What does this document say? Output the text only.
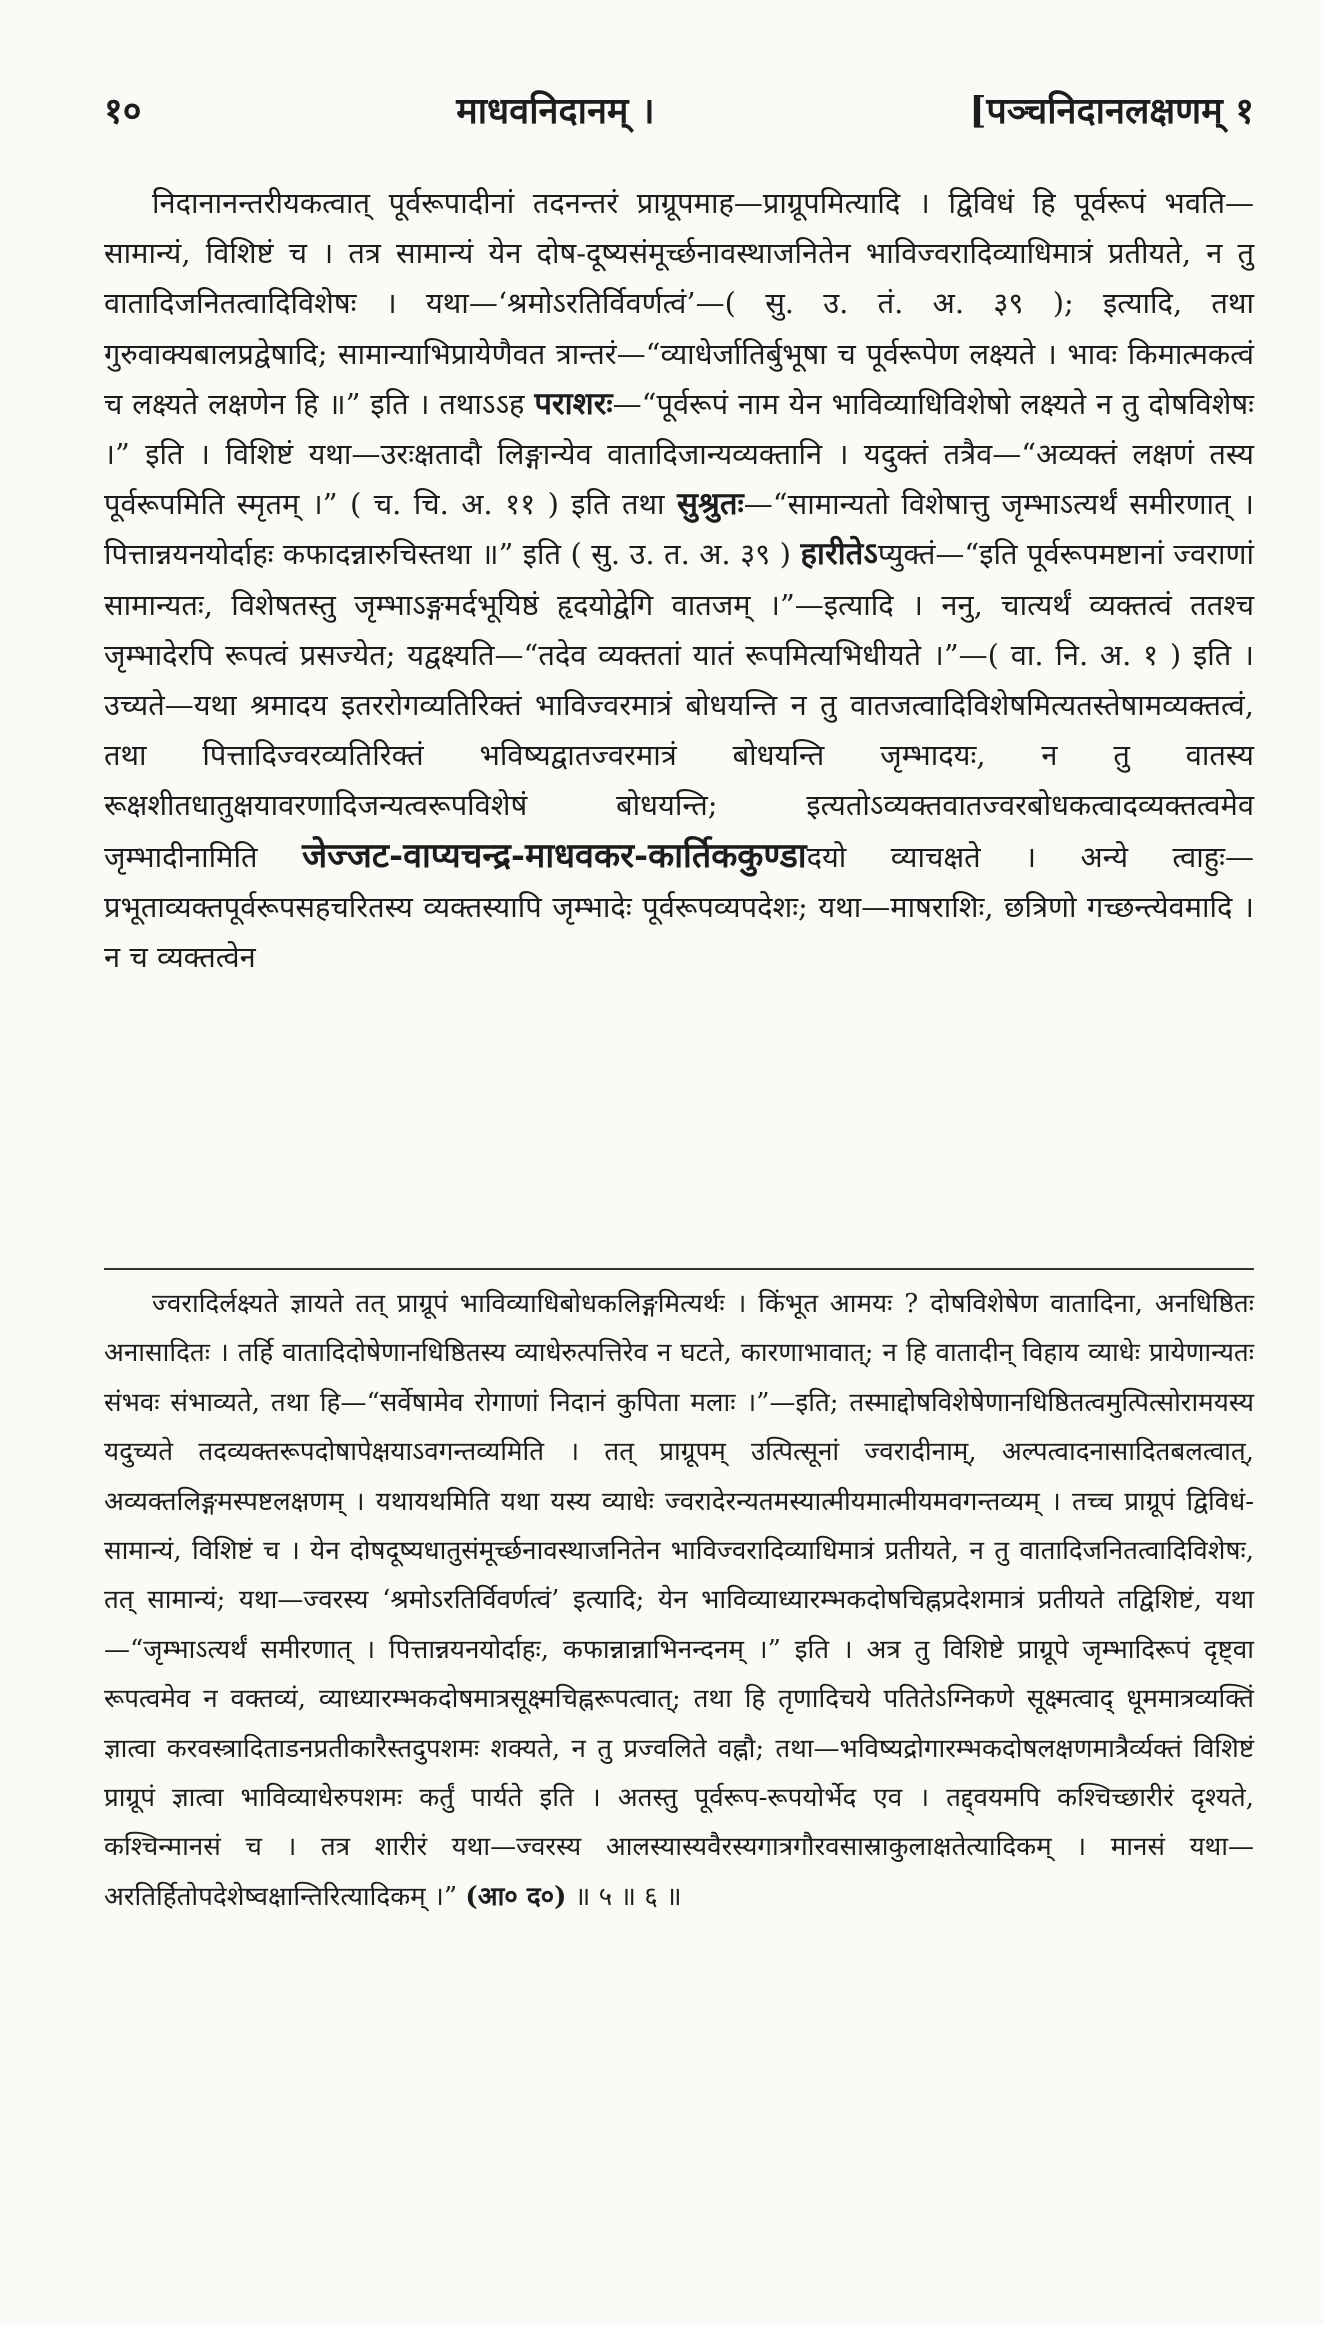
१०	माधवनिदानम् ।	[पञ्चनिदानलक्षणम् १

निदानानन्तरीयकत्वात् पूर्वरूपादीनां तदनन्तरं प्राग्रूपमाह—प्राग्रूपमित्यादि । द्विविधं हि पूर्वरूपं भवति—सामान्यं, विशिष्टं च । तत्र सामान्यं येन दोष-दूष्यसंमूर्च्छनावस्थाजनितेन भाविज्वरादिव्याधिमात्रं प्रतीयते, न तु वातादिजनितत्वादिविशेषः । यथा—‘श्रमोऽरतिर्विवर्णत्वं’—( सु. उ. तं. अ. ३९ ); इत्यादि, तथा गुरुवाक्यबालप्रद्वेषादि; सामान्याभिप्रायेणैवत त्रान्तरं—“व्याधेर्जातिर्बुभूषा च पूर्वरूपेण लक्ष्यते । भावः किमात्मकत्वं च लक्ष्यते लक्षणेन हि ॥” इति । तथाऽऽह पराशरः—“पूर्वरूपं नाम येन भाविव्याधिविशेषो लक्ष्यते न तु दोषविशेषः ।” इति । विशिष्टं यथा—उरःक्षतादौ लिङ्गान्येव वातादिजान्यव्यक्तानि । यदुक्तं तत्रैव—“अव्यक्तं लक्षणं तस्य पूर्वरूपमिति स्मृतम् ।” ( च. चि. अ. ११ ) इति तथा सुश्रुतः—“सामान्यतो विशेषात्तु जृम्भाऽत्यर्थं समीरणात् । पित्तान्नयनयोर्दाहः कफादन्नारुचिस्तथा ॥” इति ( सु. उ. त. अ. ३९ ) हारीतेऽप्युक्तं—“इति पूर्वरूपमष्टानां ज्वराणां सामान्यतः, विशेषतस्तु जृम्भाऽङ्गमर्दभूयिष्ठं हृदयोद्वेगि वातजम् ।”—इत्यादि । ननु, चात्यर्थं व्यक्तत्वं ततश्च जृम्भादेरपि रूपत्वं प्रसज्येत; यद्वक्ष्यति—“तदेव व्यक्ततां यातं रूपमित्यभिधीयते ।”—( वा. नि. अ. १ ) इति । उच्यते—यथा श्रमादय इतररोगव्यतिरिक्तं भाविज्वरमात्रं बोधयन्ति न तु वातजत्वादिविशेषमित्यतस्तेषामव्यक्तत्वं, तथा पित्तादिज्वरव्यतिरिक्तं भविष्यद्वातज्वरमात्रं बोधयन्ति जृम्भादयः, न तु वातस्य रूक्षशीतधातुक्षयावरणादिजन्यत्वरूपविशेषं बोधयन्ति; इत्यतोऽव्यक्तवातज्वरबोधकत्वादव्यक्तत्वमेव जृम्भादीनामिति जेज्जट-वाप्यचन्द्र-माधवकर-कार्तिककुण्डादयो व्याचक्षते । अन्ये त्वाहुः—प्रभूताव्यक्तपूर्वरूपसहचरितस्य व्यक्तस्यापि जृम्भादेः पूर्वरूपव्यपदेशः; यथा—माषराशिः, छत्रिणो गच्छन्त्येवमादि । न च व्यक्तत्वेन

ज्वरादिर्लक्ष्यते ज्ञायते तत् प्राग्रूपं भाविव्याधिबोधकलिङ्गमित्यर्थः । किंभूत आमयः ? दोषविशेषेण वातादिना, अनधिष्ठितः अनासादितः । तर्हि वातादिदोषेणानधिष्ठितस्य व्याधेरुत्पत्तिरेव न घटते, कारणाभावात्; न हि वातादीन् विहाय व्याधेः प्रायेणान्यतः संभवः संभाव्यते, तथा हि—“सर्वेषामेव रोगाणां निदानं कुपिता मलाः ।”—इति; तस्माद्दोषविशेषेणानधिष्ठितत्वमुत्पित्सोरामयस्य यदुच्यते तदव्यक्तरूपदोषापेक्षयाऽवगन्तव्यमिति । तत् प्राग्रूपम् उत्पित्सूनां ज्वरादीनाम्, अल्पत्वादनासादितबलत्वात्, अव्यक्तलिङ्गमस्पष्टलक्षणम् । यथायथमिति यथा यस्य व्याधेः ज्वरादेरन्यतमस्यात्मीयमात्मीयमवगन्तव्यम् । तच्च प्राग्रूपं द्विविधं-सामान्यं, विशिष्टं च । येन दोषदूष्यधातुसंमूर्च्छनावस्थाजनितेन भाविज्वरादिव्याधिमात्रं प्रतीयते, न तु वातादिजनितत्वादिविशेषः, तत् सामान्यं; यथा—ज्वरस्य ‘श्रमोऽरतिर्विवर्णत्वं’ इत्यादि; येन भाविव्याध्यारम्भकदोषचिह्नप्रदेशमात्रं प्रतीयते तद्विशिष्टं, यथा—“जृम्भाऽत्यर्थं समीरणात् । पित्तान्नयनयोर्दाहः, कफान्नान्नाभिनन्दनम् ।” इति । अत्र तु विशिष्टे प्राग्रूपे जृम्भादिरूपं दृष्ट्वा रूपत्वमेव न वक्तव्यं, व्याध्यारम्भकदोषमात्रसूक्ष्मचिह्नरूपत्वात्; तथा हि तृणादिचये पतितेऽग्निकणे सूक्ष्मत्वाद् धूममात्रव्यक्तिं ज्ञात्वा करवस्त्रादिताडनप्रतीकारैस्तदुपशमः शक्यते, न तु प्रज्वलिते वह्नौ; तथा—भविष्यद्रोगारम्भकदोषलक्षणमात्रैर्व्यक्तं विशिष्टं प्राग्रूपं ज्ञात्वा भाविव्याधेरुपशमः कर्तुं पार्यते इति । अतस्तु पूर्वरूप-रूपयोर्भेद एव । तद्द्वयमपि कश्चिच्छारीरं दृश्यते, कश्चिन्मानसं च । तत्र शारीरं यथा—ज्वरस्य आलस्यास्यवैरस्यगात्रगौरवसास्राकुलाक्षतेत्यादिकम् । मानसं यथा—अरतिर्हितोपदेशेष्वक्षान्तिरित्यादिकम् ।” (आ० द०) ॥ ५ ॥ ६ ॥
